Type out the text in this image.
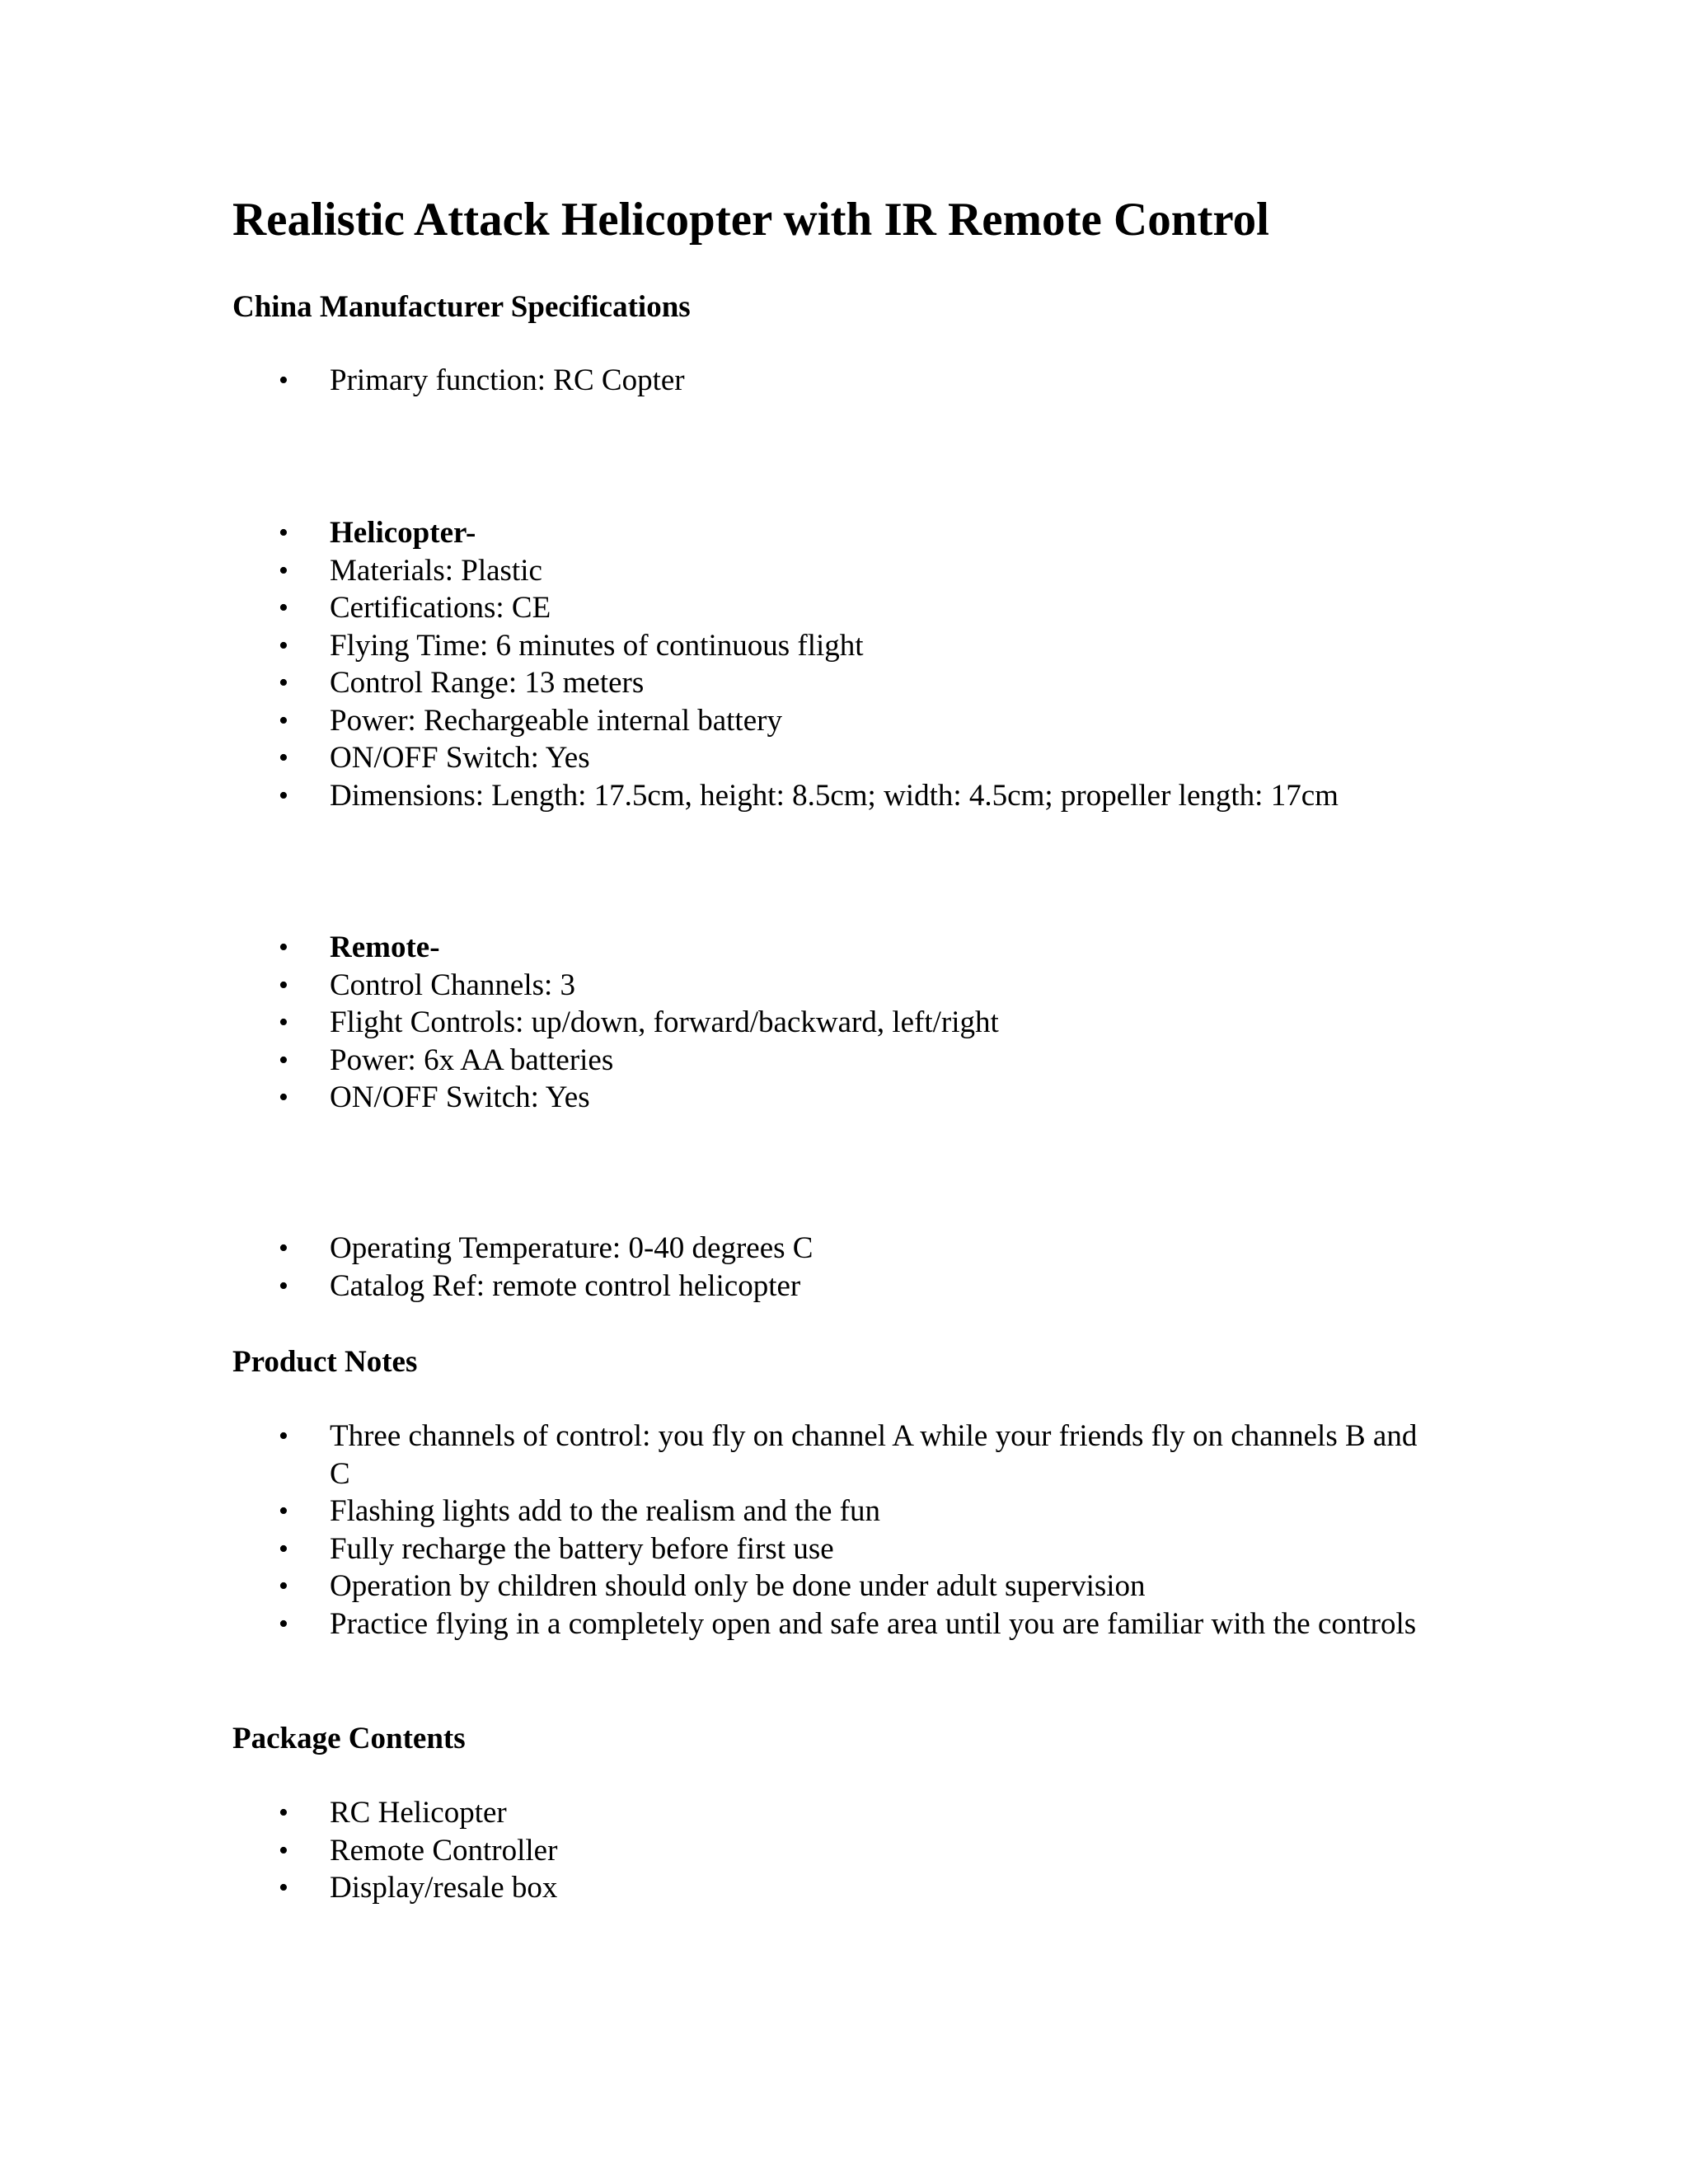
Realistic Attack Helicopter with IR Remote Control
China Manufacturer Specifications
• Primary function: RC Copter
• Helicopter-
• Materials: Plastic
• Certifications: CE
• Flying Time: 6 minutes of continuous flight
• Control Range: 13 meters
• Power: Rechargeable internal battery
• ON/OFF Switch: Yes
• Dimensions: Length: 17.5cm, height: 8.5cm; width: 4.5cm; propeller length: 17cm
• Remote-
• Control Channels: 3
• Flight Controls: up/down, forward/backward, left/right
• Power: 6x AA batteries
• ON/OFF Switch: Yes
• Operating Temperature: 0-40 degrees C
• Catalog Ref: remote control helicopter
Product Notes
• Three channels of control: you fly on channel A while your friends fly on channels B and C
• Flashing lights add to the realism and the fun
• Fully recharge the battery before first use
• Operation by children should only be done under adult supervision
• Practice flying in a completely open and safe area until you are familiar with the controls
Package Contents
• RC Helicopter
• Remote Controller
• Display/resale box
